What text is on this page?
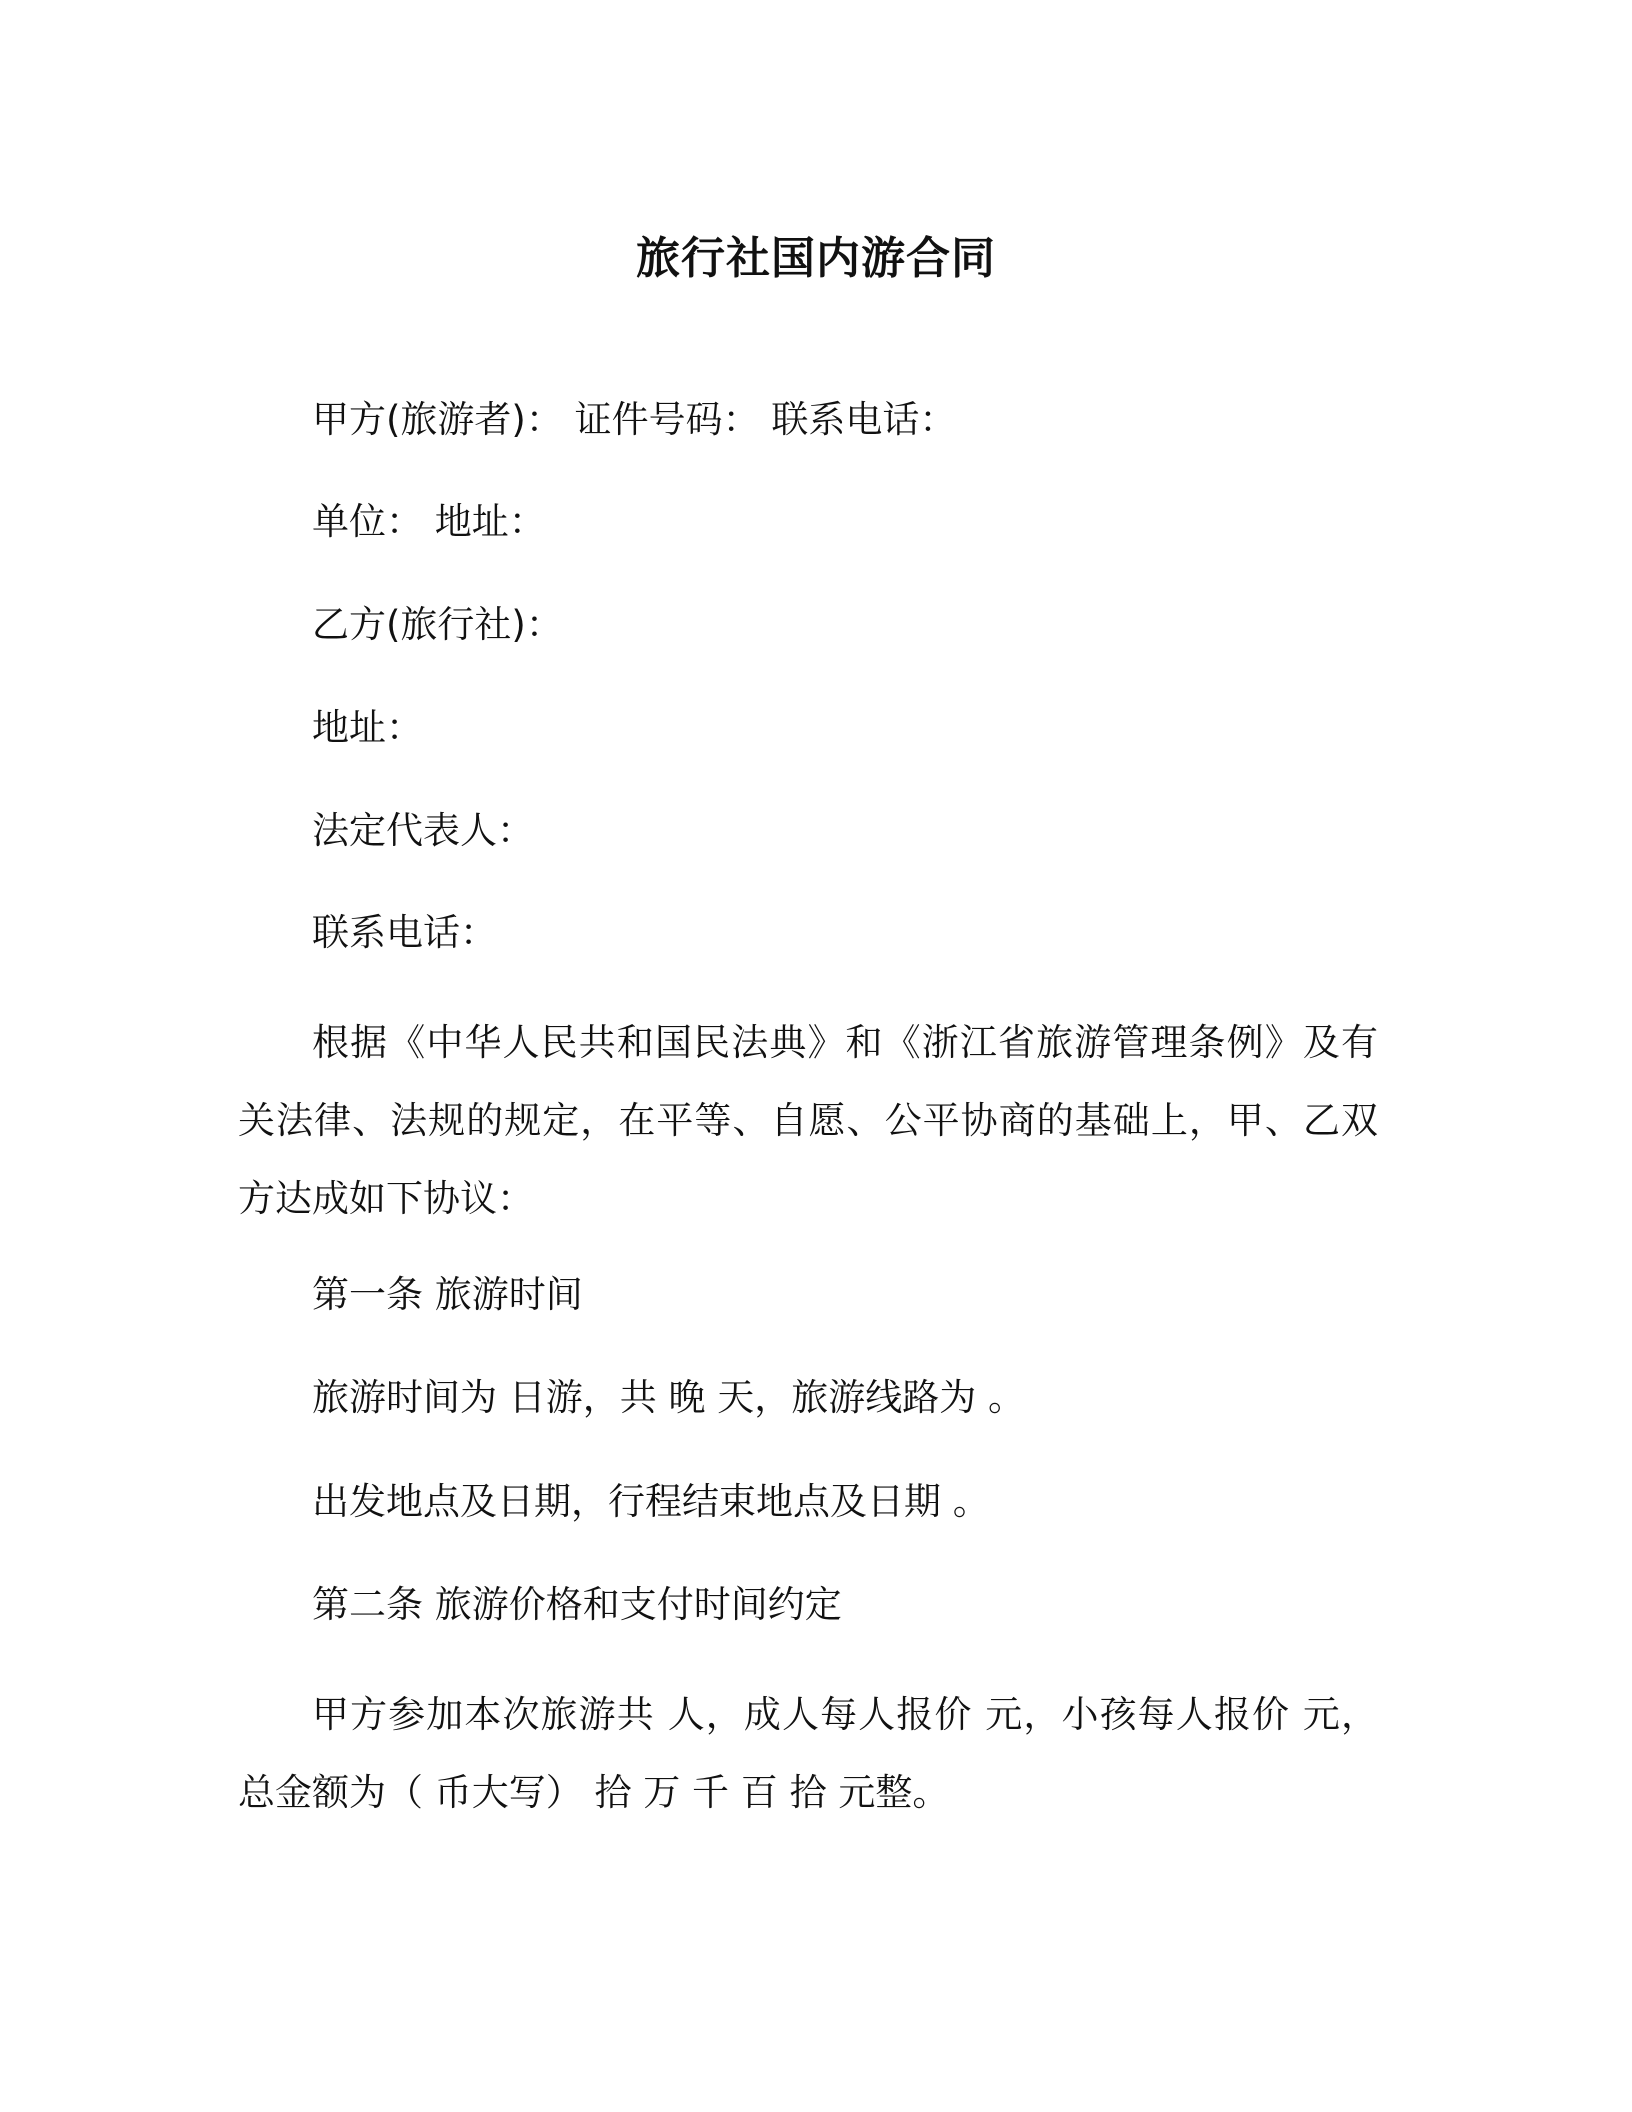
旅行社国内游合同

甲方(旅游者)： 证件号码： 联系电话：

单位： 地址：

乙方(旅行社)：

地址：

法定代表人：

联系电话：

根据《中华人民共和国民法典》和《浙江省旅游管理条例》及有关法律、法规的规定，在平等、自愿、公平协商的基础上，甲、乙双方达成如下协议：

第一条 旅游时间

旅游时间为 日游，共 晚 天，旅游线路为 。

出发地点及日期，行程结束地点及日期 。

第二条 旅游价格和支付时间约定

甲方参加本次旅游共 人，成人每人报价 元，小孩每人报价 元，总金额为（ 币大写） 拾 万 千 百 拾 元整。
